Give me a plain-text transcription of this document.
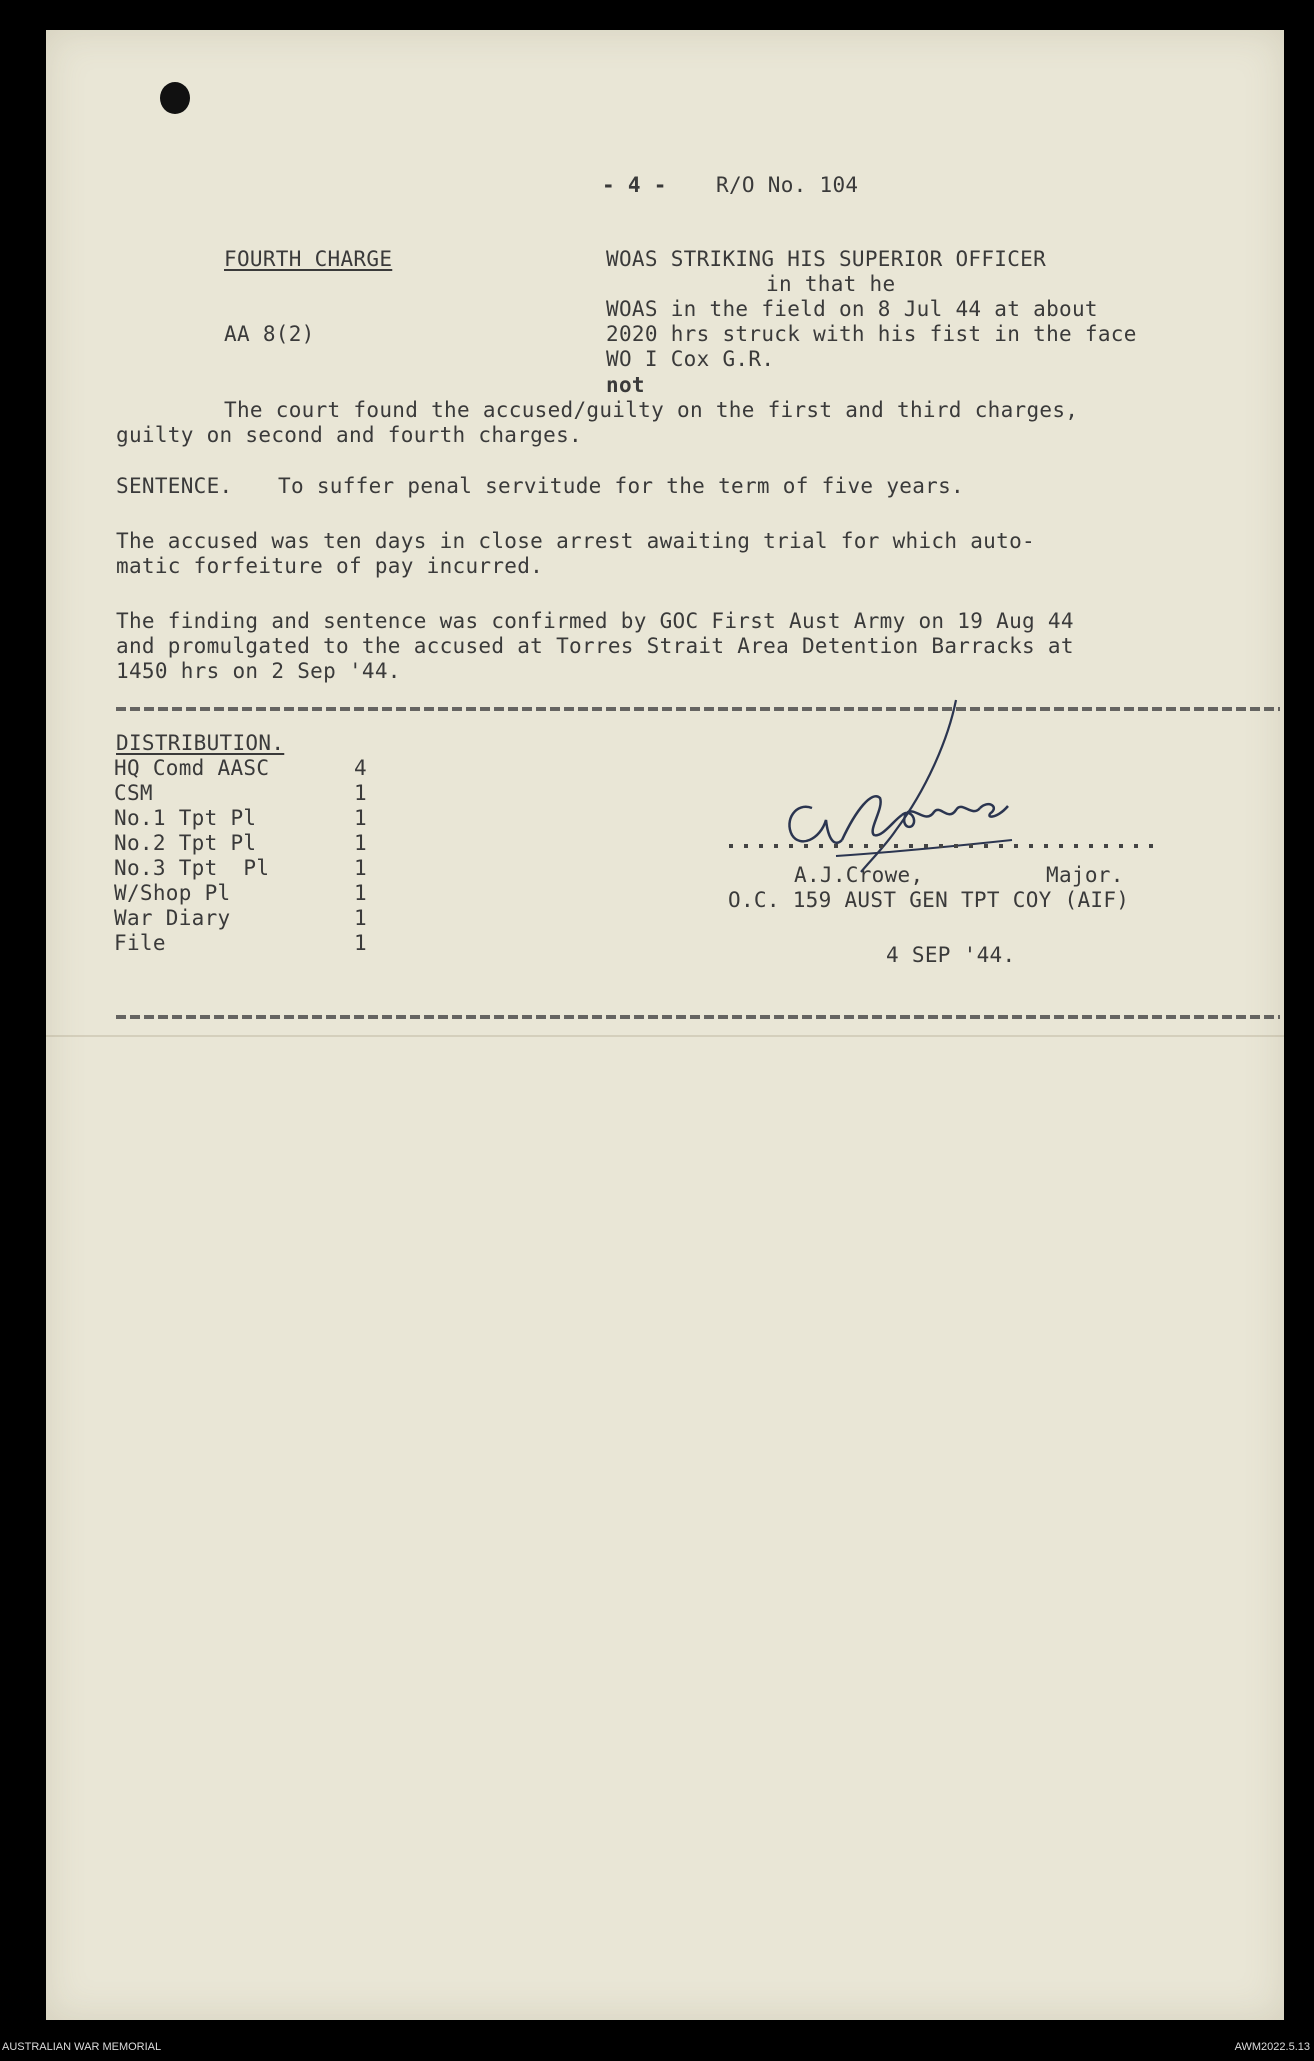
- 4 - R/O No. 104
FOURTH CHARGE	WOAS STRIKING HIS SUPERIOR OFFICER
in that he
AA 8(2)
WOAS in the field on 8 Jul 44 at about
2020 hrs struck with his fist in the face
WO I Cox G.R.
not
The court found the accused/guilty on the first and third charges,
guilty on second and fourth charges.
SENTENCE. To suffer penal servitude for the term of five years.
The accused was ten days in close arrest awaiting trial for which auto-
matic forfeiture of pay incurred.
The finding and sentence was confirmed by GOC First Aust Army on 19 Aug 44
and promulgated to the accused at Torres Strait Area Detention Barracks at
1450 hrs on 2 Sep '44.
DISTRIBUTION.
HQ Comd AASC	4
CSM	1
No.1 Tpt Pl	1
No.2 Tpt Pl	1
No.3 Tpt  Pl	1
W/Shop Pl	1
War Diary	1
File	1
A.J.Crowe,	Major.
O.C. 159 AUST GEN TPT COY (AIF)
4 SEP '44.
AUSTRALIAN WAR MEMORIAL	AWM2022.5.13
